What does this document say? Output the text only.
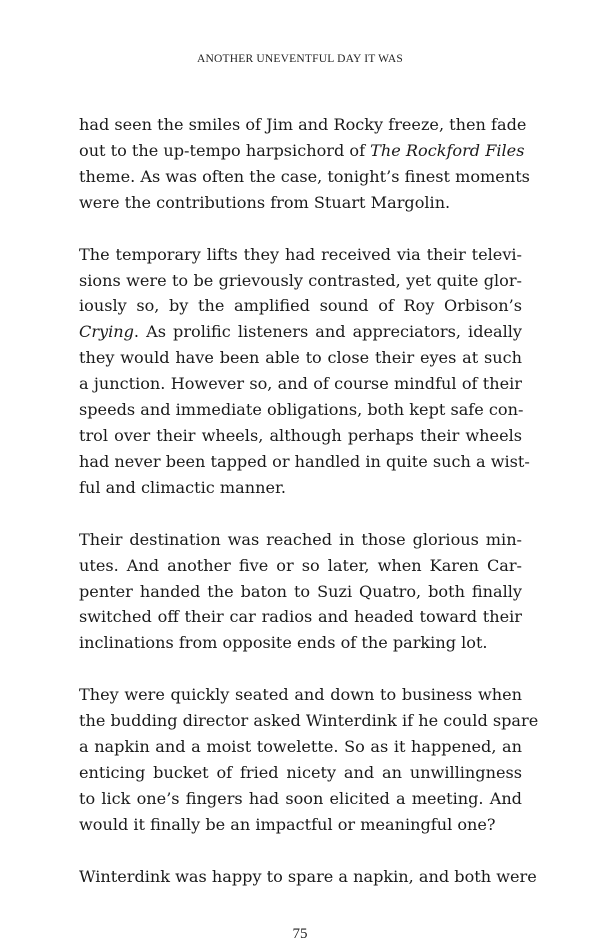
ANOTHER UNEVENTFUL DAY IT WAS

had seen the smiles of Jim and Rocky freeze, then fade
out to the up-tempo harpsichord of The Rockford Files
theme. As was often the case, tonight’s finest moments
were the contributions from Stuart Margolin.

The temporary lifts they had received via their televi-
sions were to be grievously contrasted, yet quite glor-
iously so, by the amplified sound of Roy Orbison’s
Crying. As prolific listeners and appreciators, ideally
they would have been able to close their eyes at such
a junction. However so, and of course mindful of their
speeds and immediate obligations, both kept safe con-
trol over their wheels, although perhaps their wheels
had never been tapped or handled in quite such a wist-
ful and climactic manner.

Their destination was reached in those glorious min-
utes. And another five or so later, when Karen Car-
penter handed the baton to Suzi Quatro, both finally
switched off their car radios and headed toward their
inclinations from opposite ends of the parking lot.

They were quickly seated and down to business when
the budding director asked Winterdink if he could spare
a napkin and a moist towelette. So as it happened, an
enticing bucket of fried nicety and an unwillingness
to lick one’s fingers had soon elicited a meeting. And
would it finally be an impactful or meaningful one?

Winterdink was happy to spare a napkin, and both were

75
